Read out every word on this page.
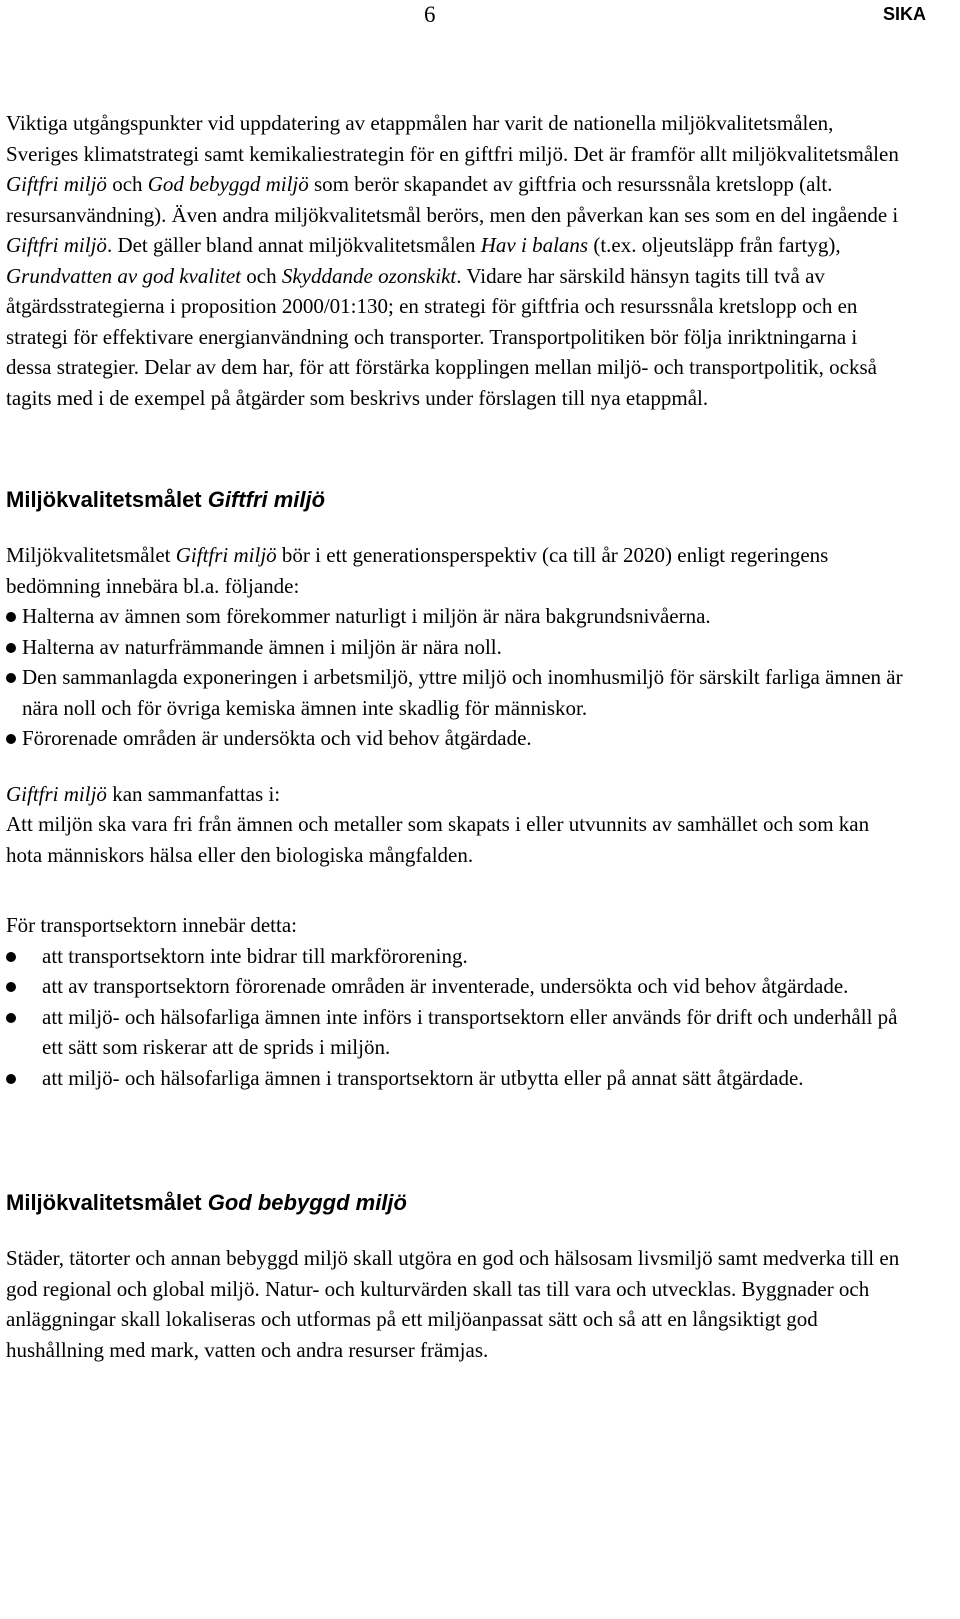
6	SIKA

Viktiga utgångspunkter vid uppdatering av etappmålen har varit de nationella miljökvalitetsmålen, Sveriges klimatstrategi samt kemikaliestrategin för en giftfri miljö. Det är framför allt miljökvalitetsmålen Giftfri miljö och God bebyggd miljö som berör skapandet av giftfria och resurssnåla kretslopp (alt. resursanvändning). Även andra miljökvalitetsmål berörs, men den påverkan kan ses som en del ingående i Giftfri miljö. Det gäller bland annat miljökvalitetsmålen Hav i balans (t.ex. oljeutsläpp från fartyg), Grundvatten av god kvalitet och Skyddande ozonskikt. Vidare har särskild hänsyn tagits till två av åtgärdsstrategierna i proposition 2000/01:130; en strategi för giftfria och resurssnåla kretslopp och en strategi för effektivare energianvändning och transporter. Transportpolitiken bör följa inriktningarna i dessa strategier. Delar av dem har, för att förstärka kopplingen mellan miljö- och transportpolitik, också tagits med i de exempel på åtgärder som beskrivs under förslagen till nya etappmål.

Miljökvalitetsmålet Giftfri miljö

Miljökvalitetsmålet Giftfri miljö bör i ett generationsperspektiv (ca till år 2020) enligt regeringens bedömning innebära bl.a. följande:

Halterna av ämnen som förekommer naturligt i miljön är nära bakgrundsnivåerna.
Halterna av naturfrämmande ämnen i miljön är nära noll.
Den sammanlagda exponeringen i arbetsmiljö, yttre miljö och inomhusmiljö för särskilt farliga ämnen är nära noll och för övriga kemiska ämnen inte skadlig för människor.
Förorenade områden är undersökta och vid behov åtgärdade.

Giftfri miljö kan sammanfattas i:

Att miljön ska vara fri från ämnen och metaller som skapats i eller utvunnits av samhället och som kan hota människors hälsa eller den biologiska mångfalden.

För transportsektorn innebär detta:

att transportsektorn inte bidrar till markförorening.
att av transportsektorn förorenade områden är inventerade, undersökta och vid behov åtgärdade.
att miljö- och hälsofarliga ämnen inte införs i transportsektorn eller används för drift och underhåll på ett sätt som riskerar att de sprids i miljön.
att miljö- och hälsofarliga ämnen i transportsektorn är utbytta eller på annat sätt åtgärdade.
Miljökvalitetsmålet God bebyggd miljö

Städer, tätorter och annan bebyggd miljö skall utgöra en god och hälsosam livsmiljö samt medverka till en god regional och global miljö. Natur- och kulturvärden skall tas till vara och utvecklas. Byggnader och anläggningar skall lokaliseras och utformas på ett miljöanpassat sätt och så att en långsiktigt god hushållning med mark, vatten och andra resurser främjas.
